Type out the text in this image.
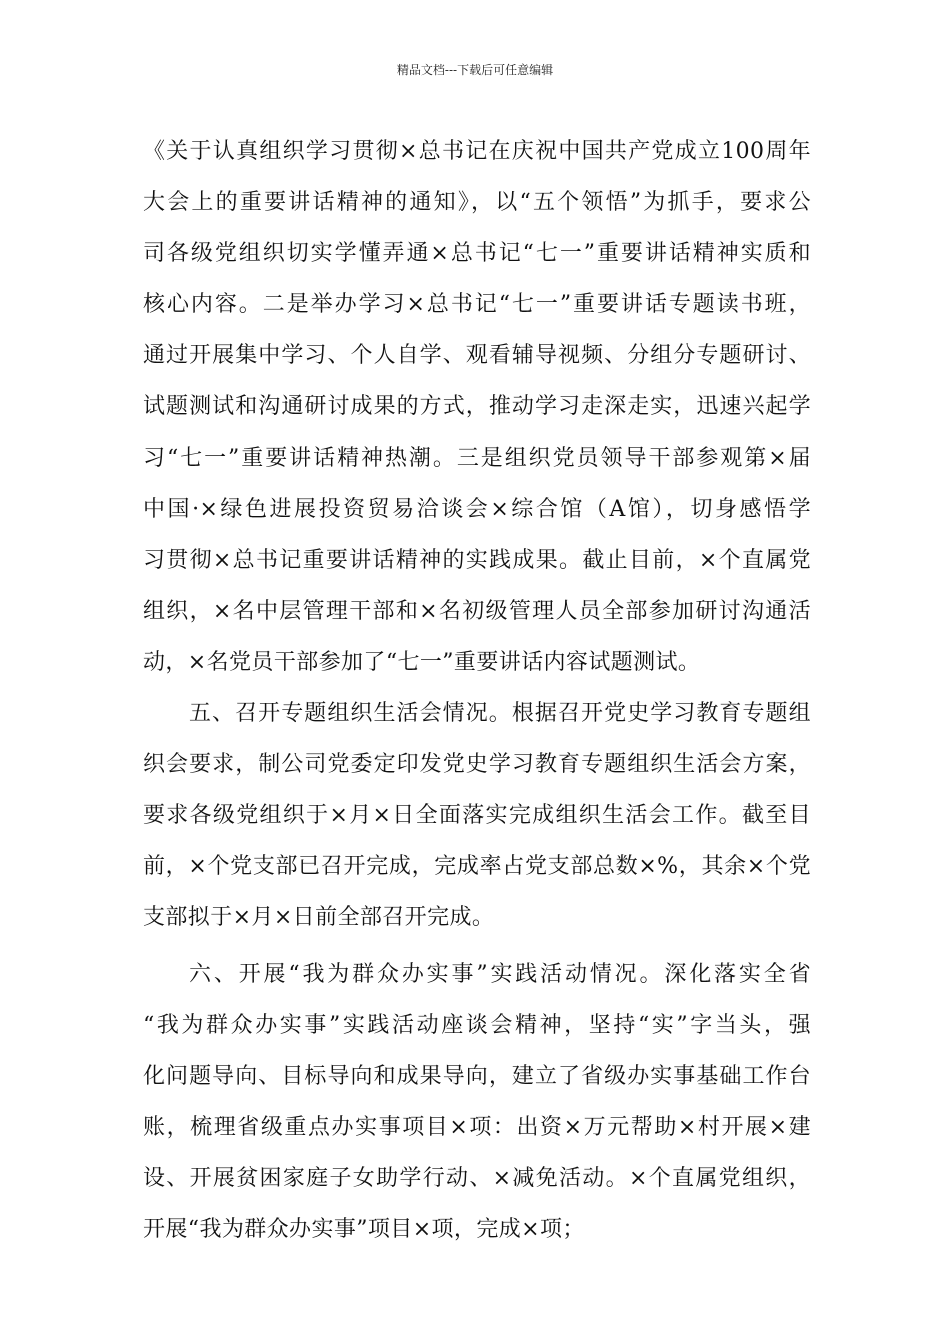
精品文档---下载后可任意编辑
《关于认真组织学习贯彻×总书记在庆祝中国共产党成立100周年
大会上的重要讲话精神的通知》，以“五个领悟”为抓手，要求公
司各级党组织切实学懂弄通×总书记“七一”重要讲话精神实质和
核心内容。二是举办学习×总书记“七一”重要讲话专题读书班，
通过开展集中学习、个人自学、观看辅导视频、分组分专题研讨、
试题测试和沟通研讨成果的方式，推动学习走深走实，迅速兴起学
习“七一”重要讲话精神热潮。三是组织党员领导干部参观第×届
中国·×绿色进展投资贸易洽谈会×综合馆（A馆），切身感悟学
习贯彻×总书记重要讲话精神的实践成果。截止目前，×个直属党
组织，×名中层管理干部和×名初级管理人员全部参加研讨沟通活
动，×名党员干部参加了“七一”重要讲话内容试题测试。
五、召开专题组织生活会情况。根据召开党史学习教育专题组
织会要求，制公司党委定印发党史学习教育专题组织生活会方案，
要求各级党组织于×月×日全面落实完成组织生活会工作。截至目
前，×个党支部已召开完成，完成率占党支部总数×%，其余×个党
支部拟于×月×日前全部召开完成。
六、开展“我为群众办实事”实践活动情况。深化落实全省
“我为群众办实事”实践活动座谈会精神，坚持“实”字当头，强
化问题导向、目标导向和成果导向，建立了省级办实事基础工作台
账，梳理省级重点办实事项目×项：出资×万元帮助×村开展×建
设、开展贫困家庭子女助学行动、×减免活动。×个直属党组织，
开展“我为群众办实事”项目×项，完成×项；
